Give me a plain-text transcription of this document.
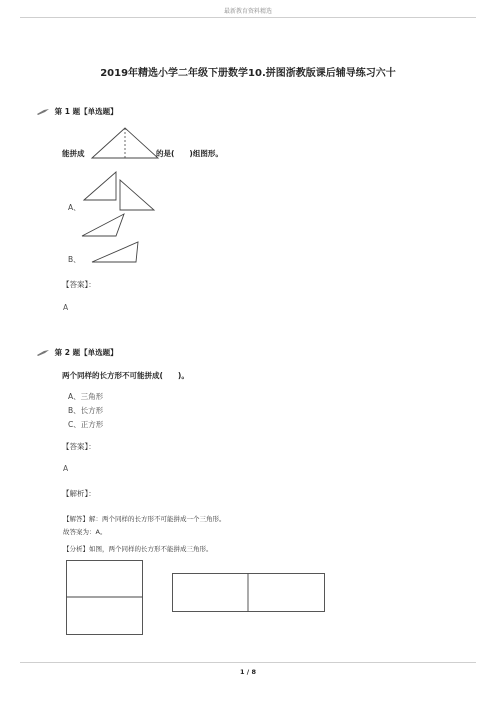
最新教育资料精选
2019年精选小学二年级下册数学10.拼图浙教版课后辅导练习六十
第 1 题【单选题】
能拼成	的是(　　)组图形。
A、
B、
【答案】：
A
第 2 题【单选题】
两个同样的长方形不可能拼成(　　)。
A、三角形
B、长方形
C、正方形
【答案】：
A
【解析】：
【解答】解：两个同样的长方形不可能拼成一个三角形。
故答案为：A。
【分析】如图，两个同样的长方形不能拼成三角形。
1 / 8
